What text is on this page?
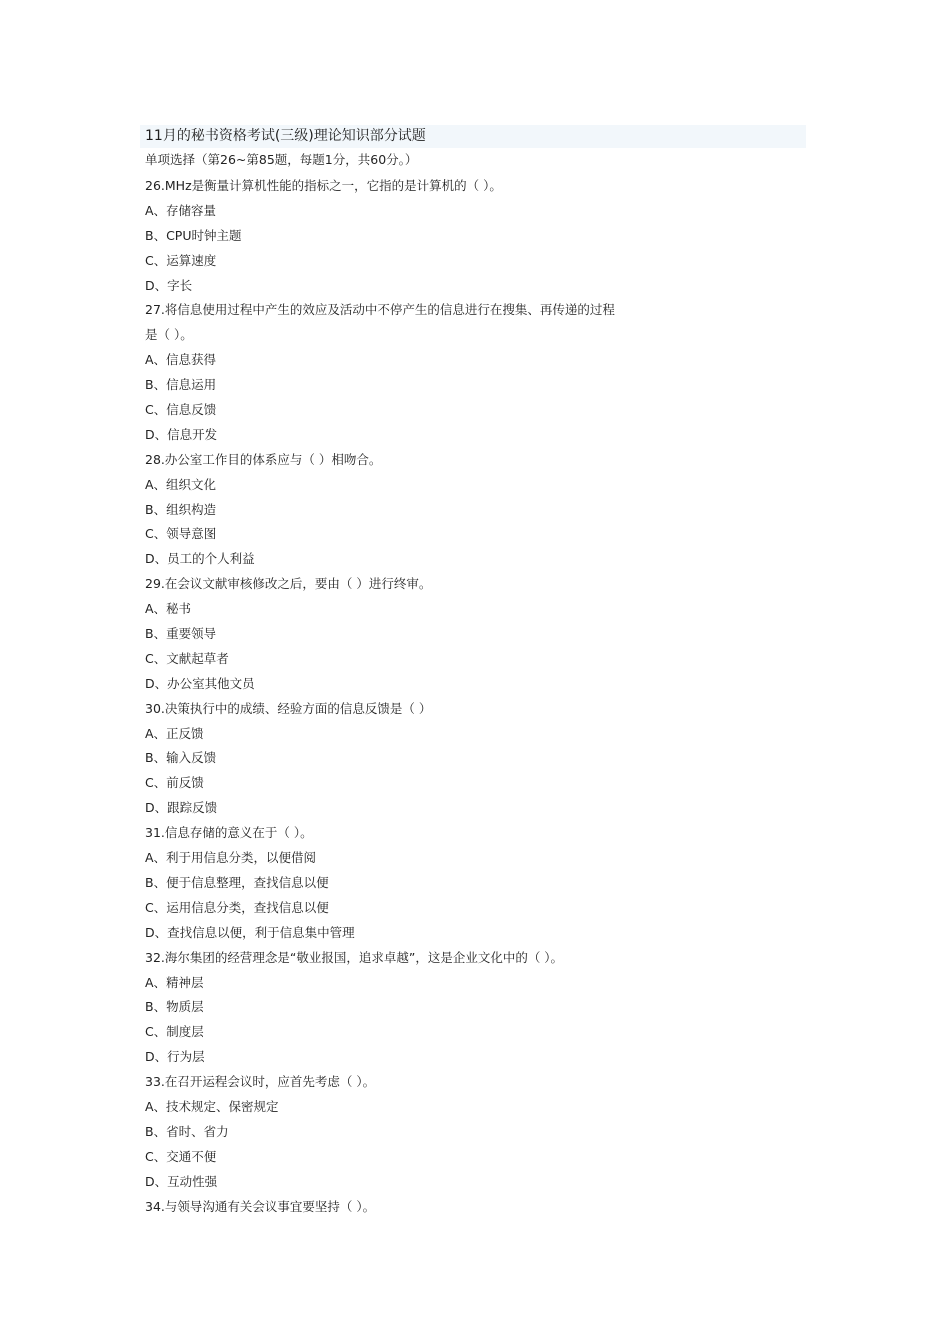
11月的秘书资格考试(三级)理论知识部分试题
单项选择（第26~第85题，每题1分，共60分。）

26.MHz是衡量计算机性能的指标之一，它指的是计算机的（ ）。

A、存储容量

B、CPU时钟主题

C、运算速度

D、字长

27.将信息使用过程中产生的效应及活动中不停产生的信息进行在搜集、再传递的过程

是（ ）。

A、信息获得

B、信息运用

C、信息反馈

D、信息开发

28.办公室工作目的体系应与（ ）相吻合。

A、组织文化

B、组织构造

C、领导意图

D、员工的个人利益

29.在会议文献审核修改之后，要由（ ）进行终审。

A、秘书

B、重要领导

C、文献起草者

D、办公室其他文员

30.决策执行中的成绩、经验方面的信息反馈是（ ）

A、正反馈

B、输入反馈

C、前反馈

D、跟踪反馈

31.信息存储的意义在于（ ）。

A、利于用信息分类，以便借阅

B、便于信息整理，查找信息以便

C、运用信息分类，查找信息以便

D、查找信息以便，利于信息集中管理

32.海尔集团的经营理念是“敬业报国，追求卓越”，这是企业文化中的（ ）。

A、精神层

B、物质层

C、制度层

D、行为层

33.在召开运程会议时，应首先考虑（ ）。

A、技术规定、保密规定

B、省时、省力

C、交通不便

D、互动性强

34.与领导沟通有关会议事宜要坚持（ ）。
